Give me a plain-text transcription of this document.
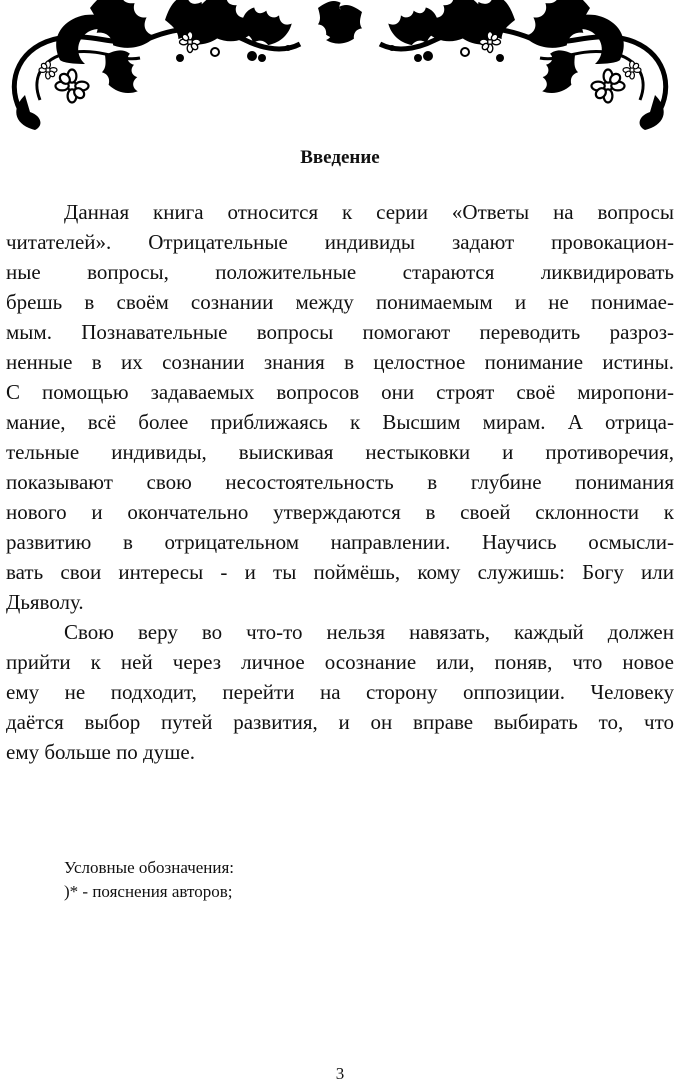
Введение

Данная книга относится к серии «Ответы на вопросы
читателей». Отрицательные индивиды задают провокацион-
ные вопросы, положительные стараются ликвидировать
брешь в своём сознании между понимаемым и не понимае-
мым. Познавательные вопросы помогают переводить разроз-
ненные в их сознании знания в целостное понимание истины.
С помощью задаваемых вопросов они строят своё миропони-
мание, всё более приближаясь к Высшим мирам. А отрица-
тельные индивиды, выискивая нестыковки и противоречия,
показывают свою несостоятельность в глубине понимания
нового и окончательно утверждаются в своей склонности к
развитию в отрицательном направлении. Научись осмысли-
вать свои интересы - и ты поймёшь, кому служишь: Богу или
Дьяволу.

Свою веру во что-то нельзя навязать, каждый должен
прийти к ней через личное осознание или, поняв, что новое
ему не подходит, перейти на сторону оппозиции. Человеку
даётся выбор путей развития, и он вправе выбирать то, что
ему больше по душе.

Условные обозначения:
)* - пояснения авторов;
3
